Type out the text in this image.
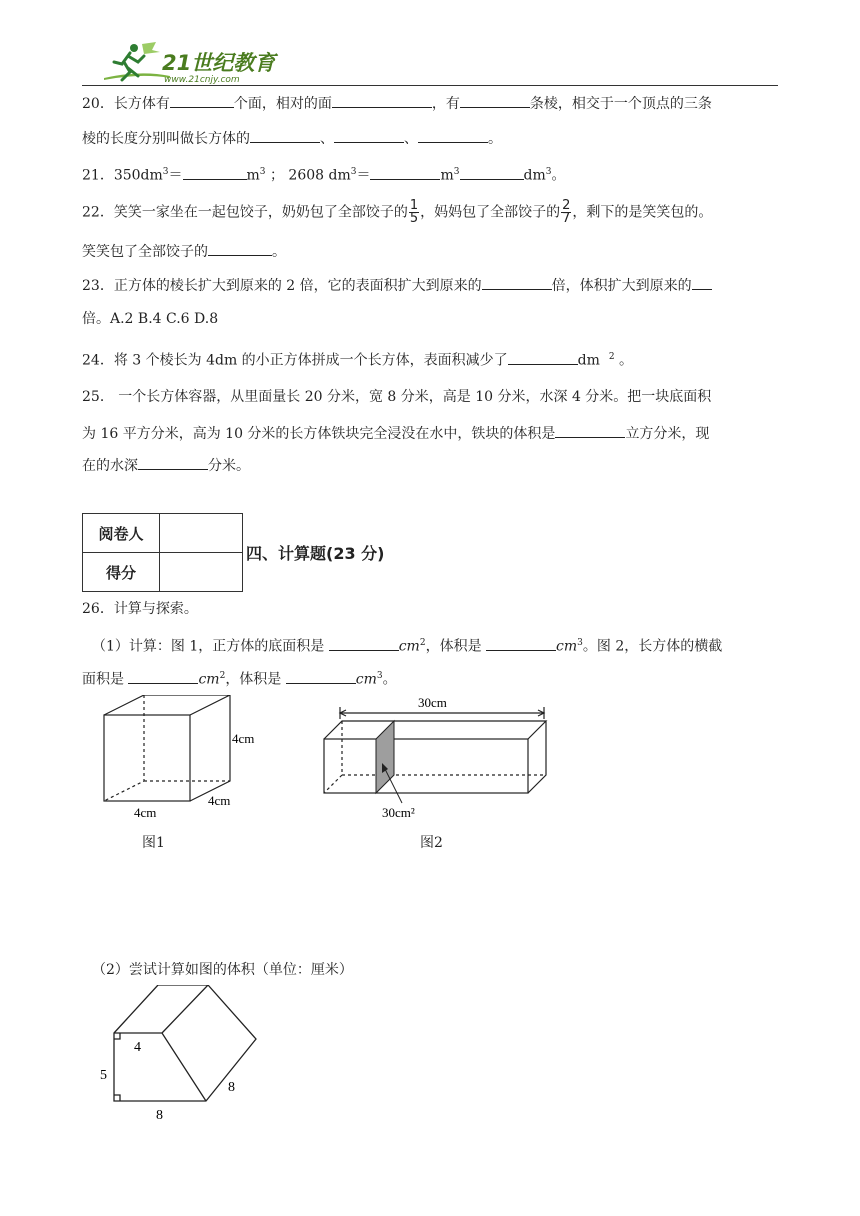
21世纪教育
www.21cnjy.com
20．长方体有	个面，相对的面	，有	条棱，相交于一个顶点的三条
棱的长度分别叫做长方体的	、	、	。
21．$350dm^3=$	$m^3$ ； 2608 $dm^3=$	$m^3$	$dm^3$。
22．笑笑一家坐在一起包饺子，奶奶包了全部饺子的 $\frac{1}{5}$ ，妈妈包了全部饺子的 $\frac{2}{7}$ ，剩下的是笑笑包的。
笑笑包了全部饺子的	。
23．正方体的棱长扩大到原来的 2 倍，它的表面积扩大到原来的	倍，体积扩大到原来的
倍。A.2 B.4 C.6 D.8
24．将 3 个棱长为 4dm 的小正方体拼成一个长方体，表面积减少了	dm $^2$ 。
25． 一个长方体容器，从里面量长 20 分米，宽 8 分米，高是 10 分米，水深 4 分米。把一块底面积
为 16 平方分米，高为 10 分米的长方体铁块完全浸没在水中，铁块的体积是	立方分米，现
在的水深	分米。
阅卷人	
得分	
四、计算题(23 分)
26．计算与探索。
（1）计算：图 1，正方体的底面积是	$cm^2$，体积是	$cm^3$。图 2，长方体的横截
面积是	$cm^2$，体积是	$cm^3$。
4cm
4cm
4cm
图1
30cm
30cm²
图2
（2）尝试计算如图的体积（单位：厘米）
4
5
8
8
